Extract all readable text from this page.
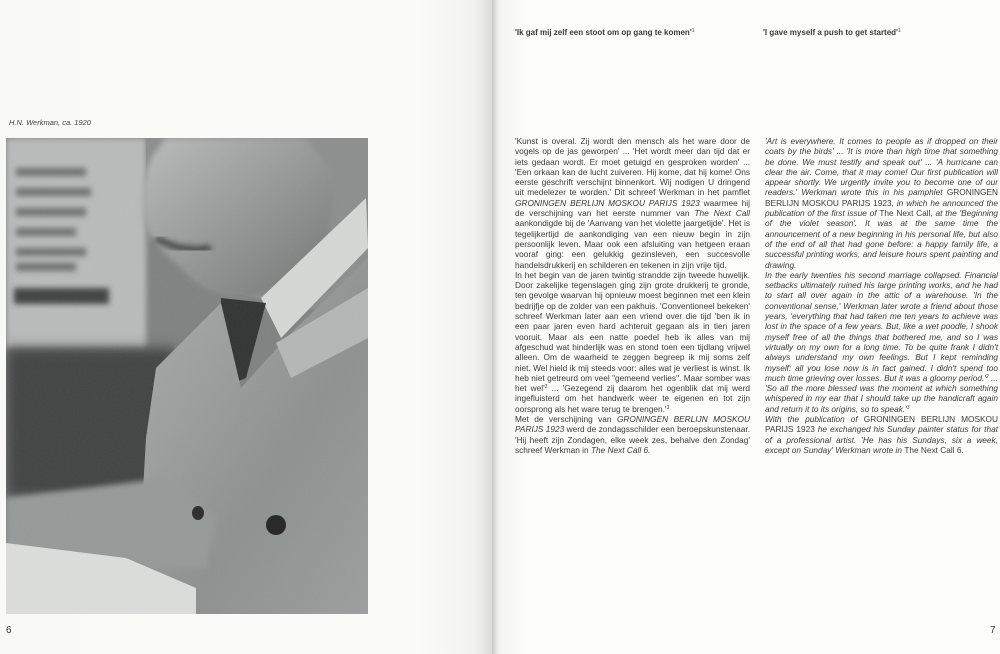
H.N. Werkman, ca. 1920
6
'Ik gaf mij zelf een stoot om op gang te $komen'^1$	'I gave myself a push to get $started'^1$

'Kunst is overal. Zij wordt den mensch als het ware door de vogels op de jas geworpen' ... 'Het wordt meer dan tijd dat er iets gedaan wordt. Er moet getuigd en gesproken worden' ... 'Een orkaan kan de lucht zuiveren. Hij kome, dat hij kome! Ons eerste geschrift verschijnt binnenkort. Wij nodigen U dringend uit medelezer te worden.' Dit schreef Werkman in het pamflet GRONINGEN BERLIJN MOSKOU PARIJS 1923 waarmee hij de verschijning van het eerste nummer van The Next Call aankondigde bij de 'Aanvang van het violette jaargetijde'. Het is tegelijkertijd de aankondiging van een nieuw begin in zijn persoonlijk leven. Maar ook een afsluiting van hetgeen eraan vooraf ging: een gelukkig gezinsleven, een succesvolle handelsdrukkerij en schilderen en tekenen in zijn vrije tijd.

In het begin van de jaren twintig strandde zijn tweede huwelijk. Door zakelijke tegenslagen ging zijn grote drukkerij te gronde, ten gevolge waarvan hij opnieuw moest beginnen met een klein bedrijfje op de zolder van een pakhuis. 'Conventioneel bekeken' schreef Werkman later aan een vriend over die tijd 'ben ik in een paar jaren even hard achteruit gegaan als in tien jaren vooruit. Maar als een natte poedel heb ik alles van mij afgeschud wat hinderlijk was en stond toen een tijdlang vrijwel alleen. Om de waarheid te zeggen begreep ik mij soms zelf niet. Wel hield ik mij steeds voor: alles wat je verliest is winst. Ik heb niet getreurd om veel "gemeend verlies". Maar somber was het $wel'^2$ ... 'Gezegend zij daarom het ogenblik dat mij werd ingefluisterd om het handwerk weer te eigenen en tot zijn oorsprong als het ware terug te $brengen.'^3$

Met de verschijning van GRONINGEN BERLIJN MOSKOU PARIJS 1923 werd de zondagsschilder een beroepskunstenaar. 'Hij heeft zijn Zondagen, elke week zes, behalve den Zondag' schreef Werkman in The Next Call 6.

'Art is everywhere. It comes to people as if dropped on their coats by the birds' ... 'It is more than high time that something be done. We must testify and speak out' ... 'A hurricane can clear the air. Come, that it may come! Our first publication will appear shortly. We urgently invite you to become one of our readers.' Werkman wrote this in his pamphlet GRONINGEN BERLIJN MOSKOU PARIJS 1923, in which he announced the publication of the first issue of The Next Call, at the 'Beginning of the violet season'. It was at the same time the announcement of a new beginning in his personal life, but also of the end of all that had gone before: a happy family life, a successful printing works, and leisure hours spent painting and drawing.

In the early twenties his second marriage collapsed. Financial setbacks ultimately ruined his large printing works, and he had to start all over again in the attic of a warehouse. 'In the conventional sense,' Werkman later wrote a friend about those years, 'everything that had taken me ten years to achieve was lost in the space of a few years. But, like a wet poodle, I shook myself free of all the things that bothered me, and so I was virtually on my own for a long time. To be quite frank I didn't always understand my own feelings. But I kept reminding myself: all you lose now is in fact gained. I didn't spend too much time grieving over losses. But it was a gloomy $period.'^2$ ... 'So all the more blessed was the moment at which something whispered in my ear that I should take up the handicraft again and return it to its origins, so to $speak.'^3$

With the publication of GRONINGEN BERLIJN MOSKOU PARIJS 1923 he exchanged his Sunday painter status for that of a professional artist. 'He has his Sundays, six a week, except on Sunday' Werkman wrote in The Next Call 6.

7
